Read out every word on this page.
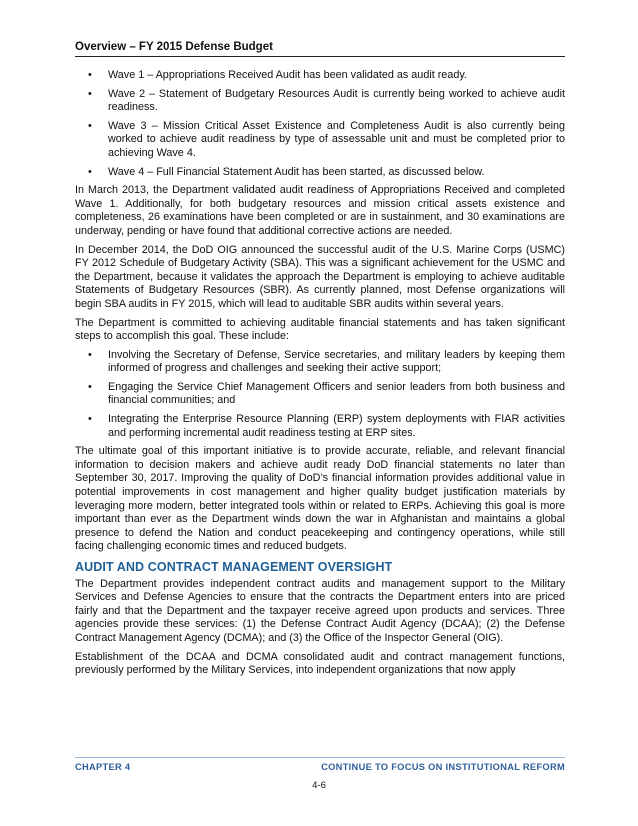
Overview – FY 2015 Defense Budget
• Wave 1 – Appropriations Received Audit has been validated as audit ready.
• Wave 2 – Statement of Budgetary Resources Audit is currently being worked to achieve audit readiness.
• Wave 3 – Mission Critical Asset Existence and Completeness Audit is also currently being worked to achieve audit readiness by type of assessable unit and must be completed prior to achieving Wave 4.
• Wave 4 – Full Financial Statement Audit has been started, as discussed below.

In March 2013, the Department validated audit readiness of Appropriations Received and completed Wave 1. Additionally, for both budgetary resources and mission critical assets existence and completeness, 26 examinations have been completed or are in sustainment, and 30 examinations are underway, pending or have found that additional corrective actions are needed.

In December 2014, the DoD OIG announced the successful audit of the U.S. Marine Corps (USMC) FY 2012 Schedule of Budgetary Activity (SBA). This was a significant achievement for the USMC and the Department, because it validates the approach the Department is employing to achieve auditable Statements of Budgetary Resources (SBR). As currently planned, most Defense organizations will begin SBA audits in FY 2015, which will lead to auditable SBR audits within several years.

The Department is committed to achieving auditable financial statements and has taken significant steps to accomplish this goal. These include:

• Involving the Secretary of Defense, Service secretaries, and military leaders by keeping them informed of progress and challenges and seeking their active support;
• Engaging the Service Chief Management Officers and senior leaders from both business and financial communities; and
• Integrating the Enterprise Resource Planning (ERP) system deployments with FIAR activities and performing incremental audit readiness testing at ERP sites.

The ultimate goal of this important initiative is to provide accurate, reliable, and relevant financial information to decision makers and achieve audit ready DoD financial statements no later than September 30, 2017. Improving the quality of DoD’s financial information provides additional value in potential improvements in cost management and higher quality budget justification materials by leveraging more modern, better integrated tools within or related to ERPs. Achieving this goal is more important than ever as the Department winds down the war in Afghanistan and maintains a global presence to defend the Nation and conduct peacekeeping and contingency operations, while still facing challenging economic times and reduced budgets.

AUDIT AND CONTRACT MANAGEMENT OVERSIGHT

The Department provides independent contract audits and management support to the Military Services and Defense Agencies to ensure that the contracts the Department enters into are priced fairly and that the Department and the taxpayer receive agreed upon products and services. Three agencies provide these services: (1) the Defense Contract Audit Agency (DCAA); (2) the Defense Contract Management Agency (DCMA); and (3) the Office of the Inspector General (OIG).

Establishment of the DCAA and DCMA consolidated audit and contract management functions, previously performed by the Military Services, into independent organizations that now apply

CHAPTER 4	CONTINUE TO FOCUS ON INSTITUTIONAL REFORM
4-6
